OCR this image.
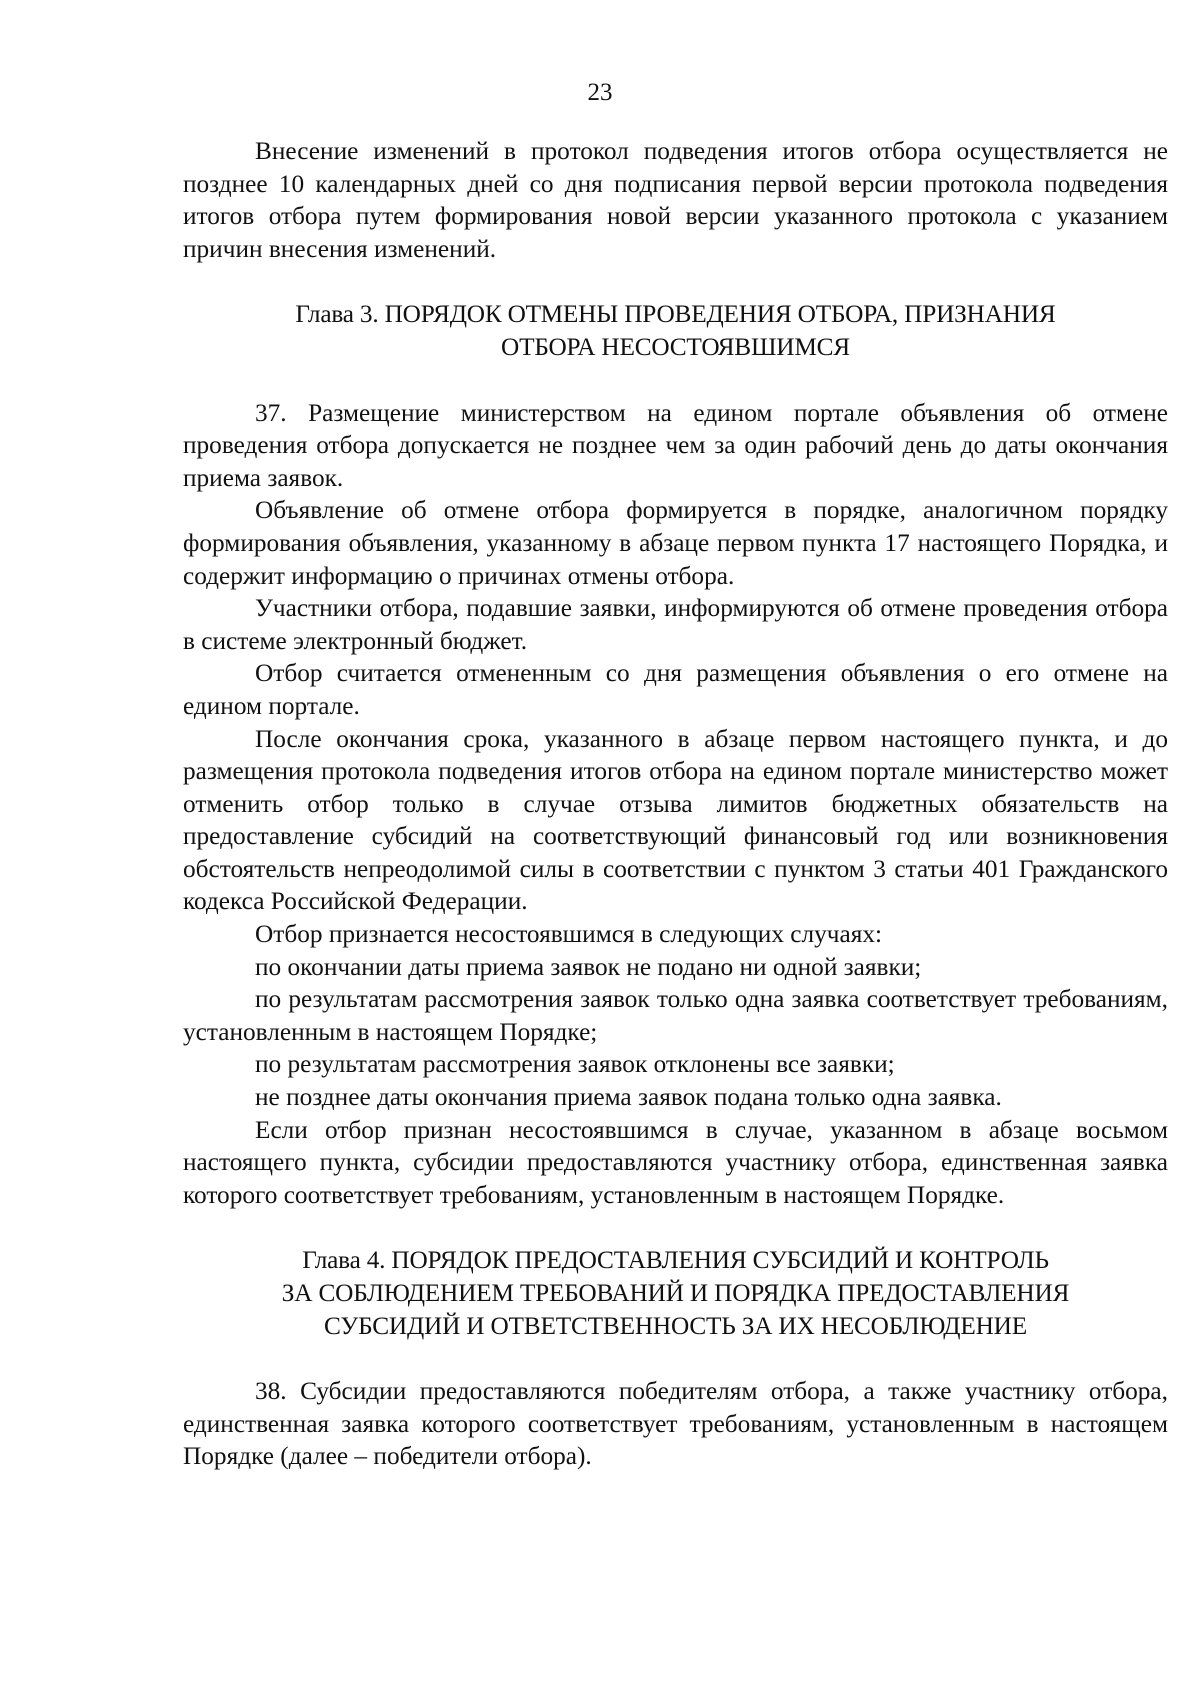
23

Внесение изменений в протокол подведения итогов отбора осуществляется не позднее 10 календарных дней со дня подписания первой версии протокола подведения итогов отбора путем формирования новой версии указанного протокола с указанием причин внесения изменений.

Глава 3. ПОРЯДОК ОТМЕНЫ ПРОВЕДЕНИЯ ОТБОРА, ПРИЗНАНИЯ

ОТБОРА НЕСОСТОЯВШИМСЯ

37. Размещение министерством на едином портале объявления об отмене проведения отбора допускается не позднее чем за один рабочий день до даты окончания приема заявок.

Объявление об отмене отбора формируется в порядке, аналогичном порядку формирования объявления, указанному в абзаце первом пункта 17 настоящего Порядка, и содержит информацию о причинах отмены отбора.

Участники отбора, подавшие заявки, информируются об отмене проведения отбора в системе электронный бюджет.

Отбор считается отмененным со дня размещения объявления о его отмене на едином портале.

После окончания срока, указанного в абзаце первом настоящего пункта, и до размещения протокола подведения итогов отбора на едином портале министерство может отменить отбор только в случае отзыва лимитов бюджетных обязательств на предоставление субсидий на соответствующий финансовый год или возникновения обстоятельств непреодолимой силы в соответствии с пунктом 3 статьи 401 Гражданского кодекса Российской Федерации.

Отбор признается несостоявшимся в следующих случаях:

по окончании даты приема заявок не подано ни одной заявки;

по результатам рассмотрения заявок только одна заявка соответствует требованиям, установленным в настоящем Порядке;

по результатам рассмотрения заявок отклонены все заявки;

не позднее даты окончания приема заявок подана только одна заявка.

Если отбор признан несостоявшимся в случае, указанном в абзаце восьмом настоящего пункта, субсидии предоставляются участнику отбора, единственная заявка которого соответствует требованиям, установленным в настоящем Порядке.

Глава 4. ПОРЯДОК ПРЕДОСТАВЛЕНИЯ СУБСИДИЙ И КОНТРОЛЬ

ЗА СОБЛЮДЕНИЕМ ТРЕБОВАНИЙ И ПОРЯДКА ПРЕДОСТАВЛЕНИЯ

СУБСИДИЙ И ОТВЕТСТВЕННОСТЬ ЗА ИХ НЕСОБЛЮДЕНИЕ

38. Субсидии предоставляются победителям отбора, а также участнику отбора, единственная заявка которого соответствует требованиям, установленным в настоящем Порядке (далее – победители отбора).
